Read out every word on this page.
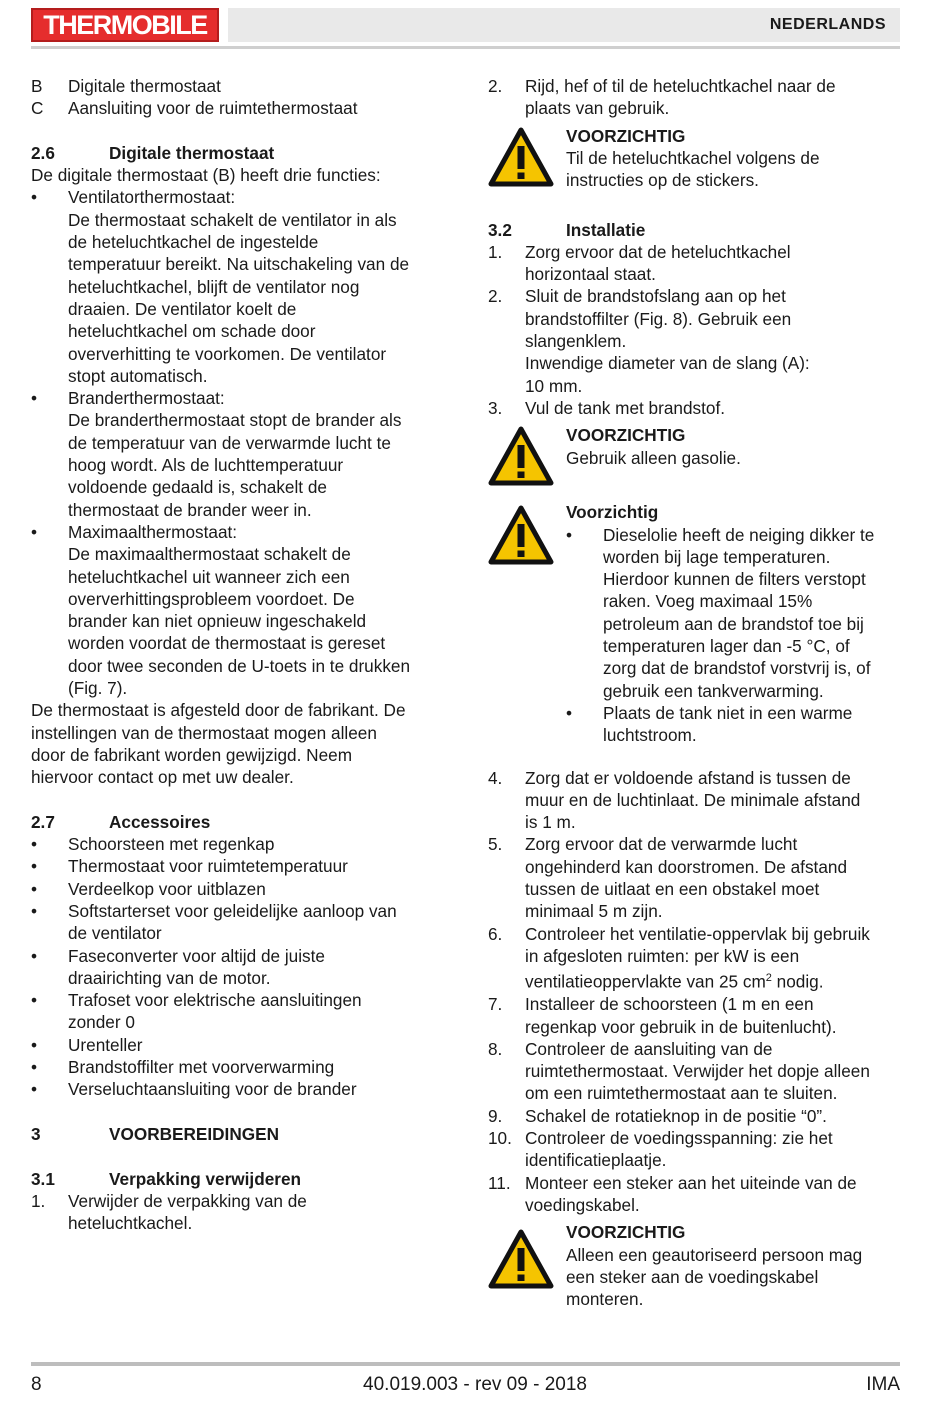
THERMOBILE	NEDERLANDS
B Digitale thermostaat
C Aansluiting voor de ruimtethermostaat
2.6	Digitale thermostaat
De digitale thermostaat (B) heeft drie functies:
• Ventilatorthermostaat:
De thermostaat schakelt de ventilator in als
de heteluchtkachel de ingestelde
temperatuur bereikt. Na uitschakeling van de
heteluchtkachel, blijft de ventilator nog
draaien. De ventilator koelt de
heteluchtkachel om schade door
oververhitting te voorkomen. De ventilator
stopt automatisch.
• Branderthermostaat:
De branderthermostaat stopt de brander als
de temperatuur van de verwarmde lucht te
hoog wordt. Als de luchttemperatuur
voldoende gedaald is, schakelt de
thermostaat de brander weer in.
• Maximaalthermostaat:
De maximaalthermostaat schakelt de
heteluchtkachel uit wanneer zich een
oververhittingsprobleem voordoet. De
brander kan niet opnieuw ingeschakeld
worden voordat de thermostaat is gereset
door twee seconden de U-toets in te drukken
(Fig. 7).
De thermostaat is afgesteld door de fabrikant. De
instellingen van de thermostaat mogen alleen
door de fabrikant worden gewijzigd. Neem
hiervoor contact op met uw dealer.
2.7	Accessoires
• Schoorsteen met regenkap
• Thermostaat voor ruimtetemperatuur
• Verdeelkop voor uitblazen
• Softstarterset voor geleidelijke aanloop van
de ventilator
• Faseconverter voor altijd de juiste
draairichting van de motor.
• Trafoset voor elektrische aansluitingen
zonder 0
• Urenteller
• Brandstoffilter met voorverwarming
• Verseluchtaansluiting voor de brander
3	VOORBEREIDINGEN
3.1	Verpakking verwijderen
1. Verwijder de verpakking van de
heteluchtkachel.
2. Rijd, hef of til de heteluchtkachel naar de
plaats van gebruik.
VOORZICHTIG
Til de heteluchtkachel volgens de
instructies op de stickers.
3.2	Installatie
1. Zorg ervoor dat de heteluchtkachel
horizontaal staat.
2. Sluit de brandstofslang aan op het
brandstoffilter (Fig. 8). Gebruik een
slangenklem.
Inwendige diameter van de slang (A):
10 mm.
3. Vul de tank met brandstof.
VOORZICHTIG
Gebruik alleen gasolie.
Voorzichtig
• Dieselolie heeft de neiging dikker te
worden bij lage temperaturen.
Hierdoor kunnen de filters verstopt
raken. Voeg maximaal 15%
petroleum aan de brandstof toe bij
temperaturen lager dan -5 °C, of
zorg dat de brandstof vorstvrij is, of
gebruik een tankverwarming.
• Plaats de tank niet in een warme
luchtstroom.
4. Zorg dat er voldoende afstand is tussen de
muur en de luchtinlaat. De minimale afstand
is 1 m.
5. Zorg ervoor dat de verwarmde lucht
ongehinderd kan doorstromen. De afstand
tussen de uitlaat en een obstakel moet
minimaal 5 m zijn.
6. Controleer het ventilatie-oppervlak bij gebruik
in afgesloten ruimten: per kW is een
ventilatieoppervlakte van 25 $cm^2$ nodig.
7. Installeer de schoorsteen (1 m en een
regenkap voor gebruik in de buitenlucht).
8. Controleer de aansluiting van de
ruimtethermostaat. Verwijder het dopje alleen
om een ruimtethermostaat aan te sluiten.
9. Schakel de rotatieknop in de positie “0”.
10. Controleer de voedingsspanning: zie het
identificatieplaatje.
11. Monteer een steker aan het uiteinde van de
voedingskabel.
VOORZICHTIG
Alleen een geautoriseerd persoon mag
een steker aan de voedingskabel
monteren.
8	40.019.003 - rev 09 - 2018	IMA
